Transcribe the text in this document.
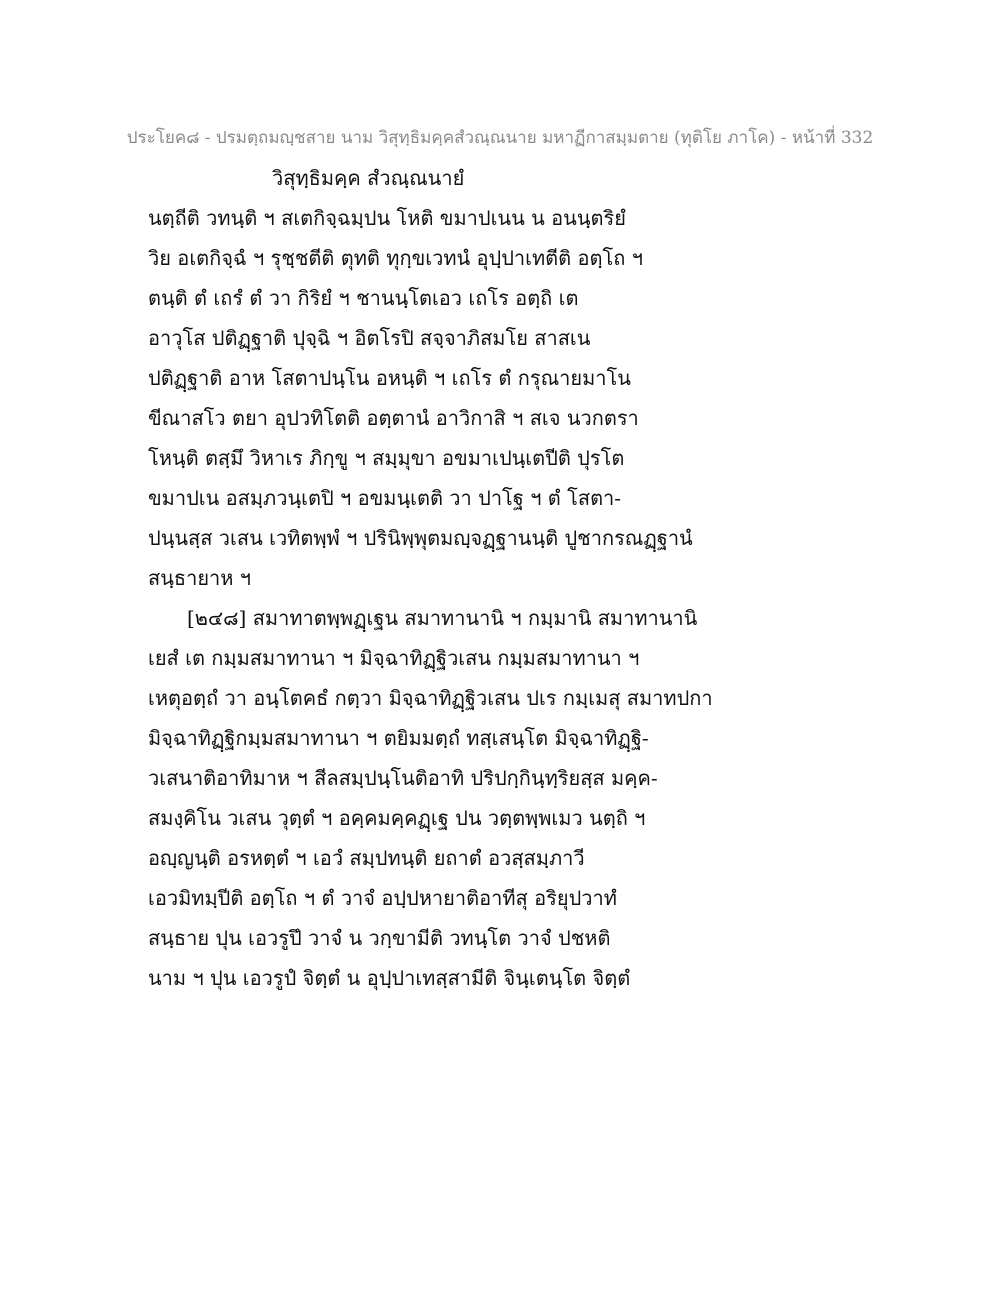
ประโยค๘ - ปรมตฺถมญฺชสาย นาม วิสุทฺธิมคฺคสํวณฺณนาย มหาฏีกาสมฺมตาย (ทุติโย ภาโค) - หน้าที่ 332
วิสุทฺธิมคฺค สํวณฺณนายํ
นตฺถีติ วทนฺติ ฯ สเตกิจฺฉมฺปน โหติ ขมาปเนน น อนนฺตริยํ
วิย อเตกิจฺฉํ ฯ รุชฺชตีติ ตุทติ ทุกฺขเวทนํ อุปฺปาเทตีติ อตฺโถ ฯ
ตนฺติ ตํ เถรํ ตํ วา กิริยํ ฯ ชานนฺโตเอว เถโร อตฺถิ เต
อาวุโส ปติฏฺฐาติ ปุจฺฉิ ฯ อิตโรปิ สจฺจาภิสมโย สาสเน
ปติฏฺฐาติ อาห โสตาปนฺโน อหนฺติ ฯ เถโร ตํ กรุณายมาโน
ขีณาสโว ตยา อุปวทิโตติ อตฺตานํ อาวิกาสิ ฯ สเจ นวกตรา
โหนฺติ ตสฺมึ วิหาเร ภิกฺขู ฯ สมฺมุขา อขมาเปนฺเตปีติ ปุรโต
ขมาปเน อสมฺภวนฺเตปิ ฯ อขมนฺเตติ วา ปาโฐ ฯ ตํ โสตา-
ปนฺนสฺส วเสน เวทิตพฺพํ ฯ ปรินิพฺพุตมญฺจฏฺฐานนฺติ ปูชากรณฏฺฐานํ
สนฺธายาห ฯ
[๒๔๘] สมาทาตพฺพฏฺเฐน สมาทานานิ ฯ กมฺมานิ สมาทานานิ
เยสํ เต กมฺมสมาทานา ฯ มิจฺฉาทิฏฺฐิวเสน กมฺมสมาทานา ฯ
เหตุอตฺถํ วา อนฺโตคธํ กตฺวา มิจฺฉาทิฏฺฐิวเสน ปเร กมฺเมสุ สมาทปกา
มิจฺฉาทิฏฺฐิกมฺมสมาทานา ฯ ตยิมมตฺถํ ทสฺเสนฺโต มิจฺฉาทิฏฺฐิ-
วเสนาติอาทิมาห ฯ สีลสมฺปนฺโนติอาทิ ปริปกฺกินฺทฺริยสฺส มคฺค-
สมงฺคิโน วเสน วุตฺตํ ฯ อคฺคมคฺคฏฺเฐ ปน วตฺตพฺพเมว นตฺถิ ฯ
อญฺญนฺติ อรหตฺตํ ฯ เอวํ สมฺปทนฺติ ยถาตํ อวสฺสมฺภาวี
เอวมิทมฺปีติ อตฺโถ ฯ ตํ วาจํ อปฺปหายาติอาทีสุ อริยุปวาทํ
สนฺธาย ปุน เอวรูปึ วาจํ น วกฺขามีติ วทนฺโต วาจํ ปชหติ
นาม ฯ ปุน เอวรูปํ จิตฺตํ น อุปฺปาเทสฺสามีติ จินฺเตนฺโต จิตฺตํ
